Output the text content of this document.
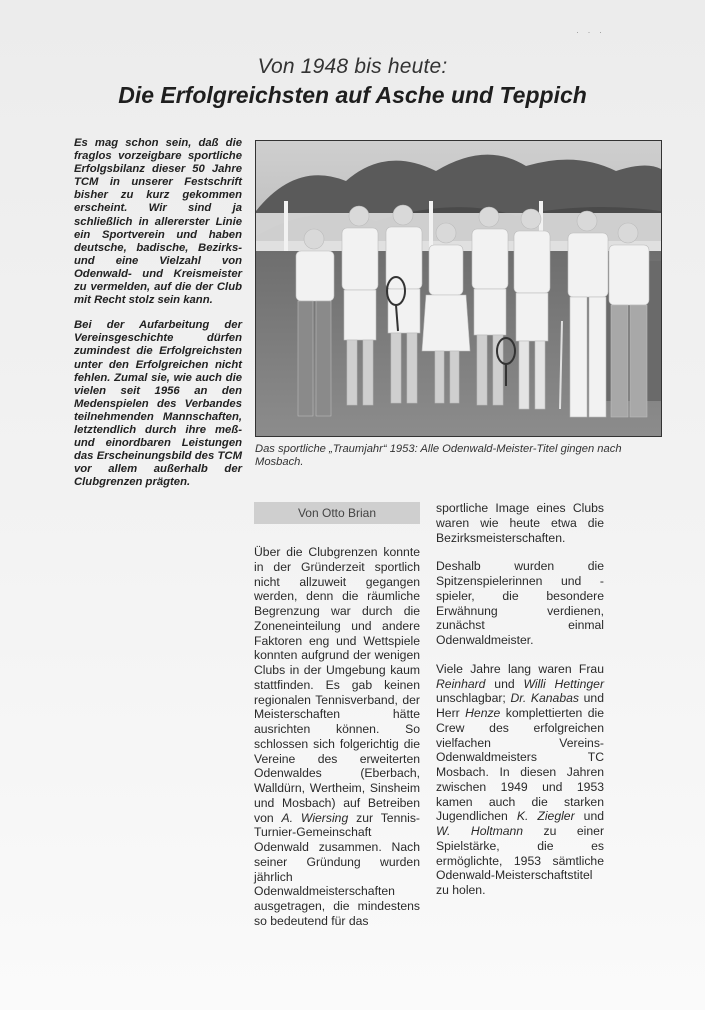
· · ·
Von 1948 bis heute:
Die Erfolgreichsten auf Asche und Teppich

Es mag schon sein, daß die fraglos vorzeigbare sportliche Erfolgsbilanz dieser 50 Jahre TCM in unserer Festschrift bisher zu kurz gekommen erscheint. Wir sind ja schließlich in allererster Linie ein Sportverein und haben deutsche, badische, Bezirks- und eine Vielzahl von Odenwald- und Kreismeister zu vermelden, auf die der Club mit Recht stolz sein kann.

Bei der Aufarbeitung der Vereinsgeschichte dürfen zumindest die Erfolgreichsten unter den Erfolgreichen nicht fehlen. Zumal sie, wie auch die vielen seit 1956 an den Medenspielen des Verbandes teilnehmenden Mannschaften, letztendlich durch ihre meß- und einordbaren Leistungen das Erscheinungsbild des TCM vor allem außerhalb der Clubgrenzen prägten.

Das sportliche „Traumjahr“ 1953: Alle Odenwald-Meister-Titel gingen nach Mosbach.
Von Otto Brian

Über die Clubgrenzen konnte in der Gründerzeit sportlich nicht allzuweit gegangen werden, denn die räumliche Begrenzung war durch die Zoneneinteilung und andere Faktoren eng und Wettspiele konnten aufgrund der wenigen Clubs in der Umgebung kaum stattfinden. Es gab keinen regionalen Tennisverband, der Meisterschaften hätte ausrichten können. So schlossen sich folgerichtig die Vereine des erweiterten Odenwaldes (Eberbach, Walldürn, Wertheim, Sinsheim und Mosbach) auf Betreiben von A. Wiersing zur Tennis-Turnier-Gemeinschaft Odenwald zusammen. Nach seiner Gründung wurden jährlich Odenwaldmeisterschaften ausgetragen, die mindestens so bedeutend für das

sportliche Image eines Clubs waren wie heute etwa die Bezirksmeisterschaften.

Deshalb wurden die Spitzenspielerinnen und -spieler, die besondere Erwähnung verdienen, zunächst einmal Odenwaldmeister.

Viele Jahre lang waren Frau Reinhard und Willi Hettinger unschlagbar; Dr. Kanabas und Herr Henze komplettierten die Crew des erfolgreichen vielfachen Vereins-Odenwaldmeisters TC Mosbach. In diesen Jahren zwischen 1949 und 1953 kamen auch die starken Jugendlichen K. Ziegler und W. Holtmann zu einer Spielstärke, die es ermöglichte, 1953 sämtliche Odenwald-Meisterschaftstitel zu holen.
